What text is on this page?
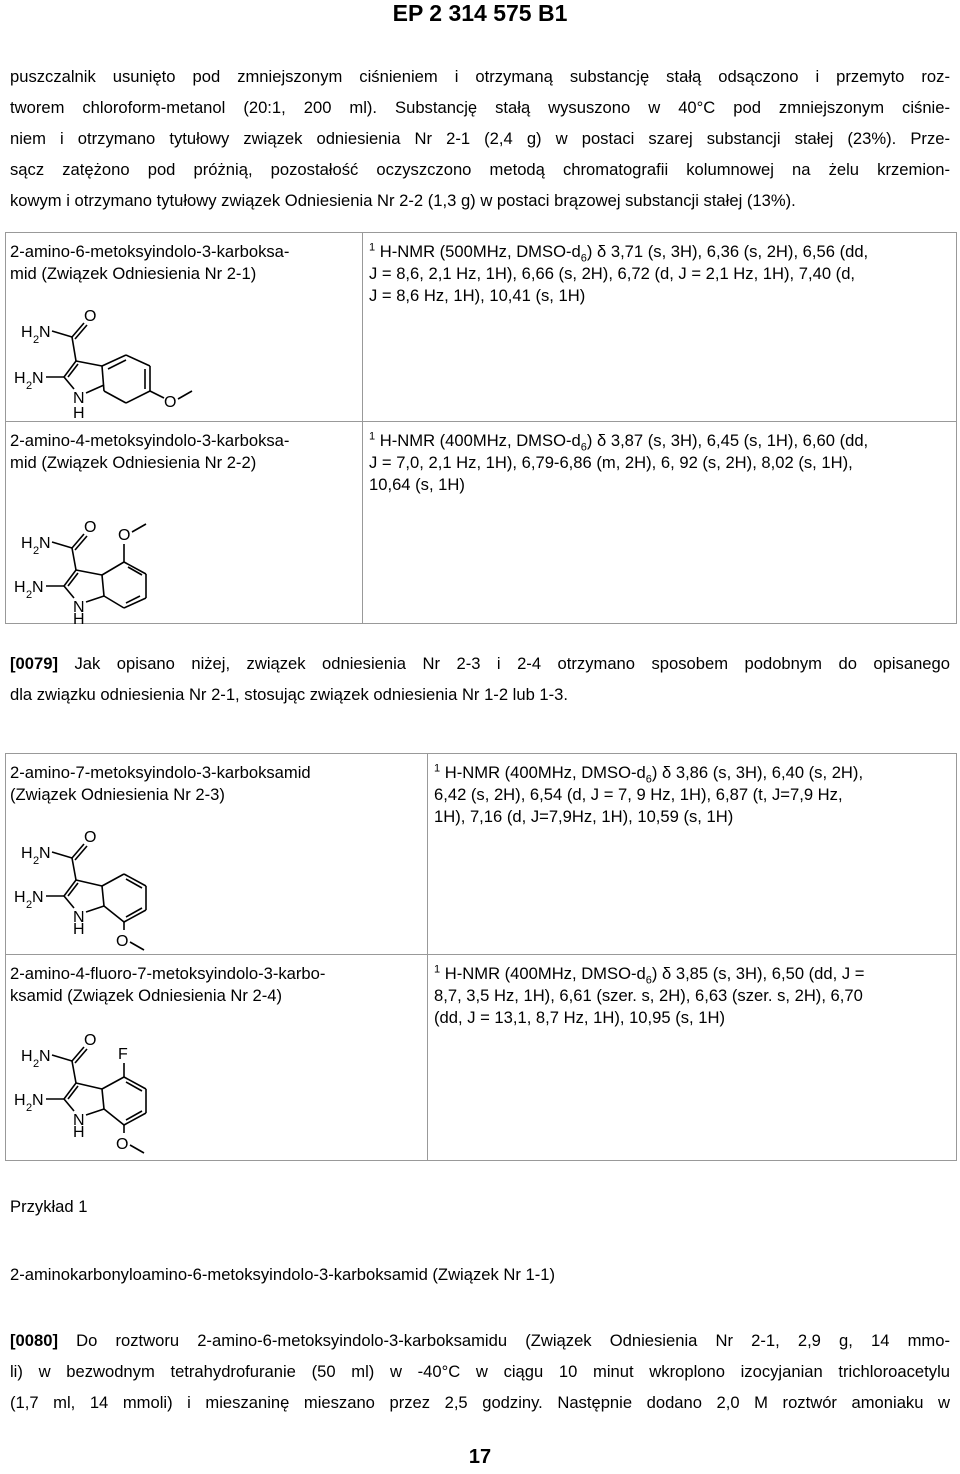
EP 2 314 575 B1
puszczalnik usunięto pod zmniejszonym ciśnieniem i otrzymaną substancję stałą odsączono i przemyto roz-
tworem chloroform-metanol (20:1, 200 ml). Substancję stałą wysuszono w 40°C pod zmniejszonym ciśnie-
niem i otrzymano tytułowy związek odniesienia Nr 2-1 (2,4 g) w postaci szarej substancji stałej (23%). Prze-
sącz zatężono pod próżnią, pozostałość oczyszczono metodą chromatografii kolumnowej na żelu krzemion-
kowym i otrzymano tytułowy związek Odniesienia Nr 2-2 (1,3 g) w postaci brązowej substancji stałej (13%).
2-amino-6-metoksyindolo-3-karboksa-
mid (Związek Odniesienia Nr 2-1)
H 2 N
O
H 2 N
N
H
O
$^1$ H-NMR (500MHz, DMSO-$d_6$) δ 3,71 (s, 3H), 6,36 (s, 2H), 6,56 (dd,
J = 8,6, 2,1 Hz, 1H), 6,66 (s, 2H), 6,72 (d, J = 2,1 Hz, 1H), 7,40 (d,
J = 8,6 Hz, 1H), 10,41 (s, 1H)
2-amino-4-metoksyindolo-3-karboksa-
mid (Związek Odniesienia Nr 2-2)
H 2 N
O
H 2 N
N
H
O
$^1$ H-NMR (400MHz, DMSO-$d_6$) δ 3,87 (s, 3H), 6,45 (s, 1H), 6,60 (dd,
J = 7,0, 2,1 Hz, 1H), 6,79-6,86 (m, 2H), 6, 92 (s, 2H), 8,02 (s, 1H),
10,64 (s, 1H)
[0079] Jak opisano niżej, związek odniesienia Nr 2-3 i 2-4 otrzymano sposobem podobnym do opisanego
dla związku odniesienia Nr 2-1, stosując związek odniesienia Nr 1-2 lub 1-3.
2-amino-7-metoksyindolo-3-karboksamid
(Związek Odniesienia Nr 2-3)
H 2 N
O
H 2 N
N
H
O
$^1$ H-NMR (400MHz, DMSO-$d_6$) δ 3,86 (s, 3H), 6,40 (s, 2H),
6,42 (s, 2H), 6,54 (d, J = 7, 9 Hz, 1H), 6,87 (t, J=7,9 Hz,
1H), 7,16 (d, J=7,9Hz, 1H), 10,59 (s, 1H)
2-amino-4-fluoro-7-metoksyindolo-3-karbo-
ksamid (Związek Odniesienia Nr 2-4)
H 2 N
O
H 2 N
N
H
F
O
$^1$ H-NMR (400MHz, DMSO-$d_6$) δ 3,85 (s, 3H), 6,50 (dd, J =
8,7, 3,5 Hz, 1H), 6,61 (szer. s, 2H), 6,63 (szer. s, 2H), 6,70
(dd, J = 13,1, 8,7 Hz, 1H), 10,95 (s, 1H)
Przykład 1
2-aminokarbonyloamino-6-metoksyindolo-3-karboksamid (Związek Nr 1-1)
[0080] Do roztworu 2-amino-6-metoksyindolo-3-karboksamidu (Związek Odniesienia Nr 2-1, 2,9 g, 14 mmo-
li) w bezwodnym tetrahydrofuranie (50 ml) w -40°C w ciągu 10 minut wkroplono izocyjanian trichloroacetylu
(1,7 ml, 14 mmoli) i mieszaninę mieszano przez 2,5 godziny. Następnie dodano 2,0 M roztwór amoniaku w
17
